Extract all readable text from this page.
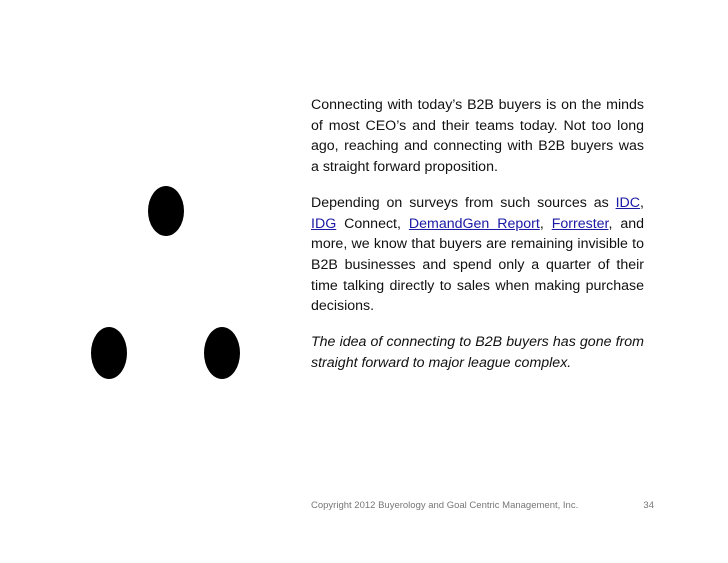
Connecting with today’s B2B buyers is on the minds of most CEO’s and their teams today. Not too long ago, reaching and connecting with B2B buyers was a straight forward proposition.

Depending on surveys from such sources as IDC, IDG Connect, DemandGen Report, Forrester, and more, we know that buyers are remaining invisible to B2B businesses and spend only a quarter of their time talking directly to sales when making purchase decisions.

The idea of connecting to B2B buyers has gone from straight forward to major league complex.

Copyright 2012 Buyerology and Goal Centric Management, Inc.	34
